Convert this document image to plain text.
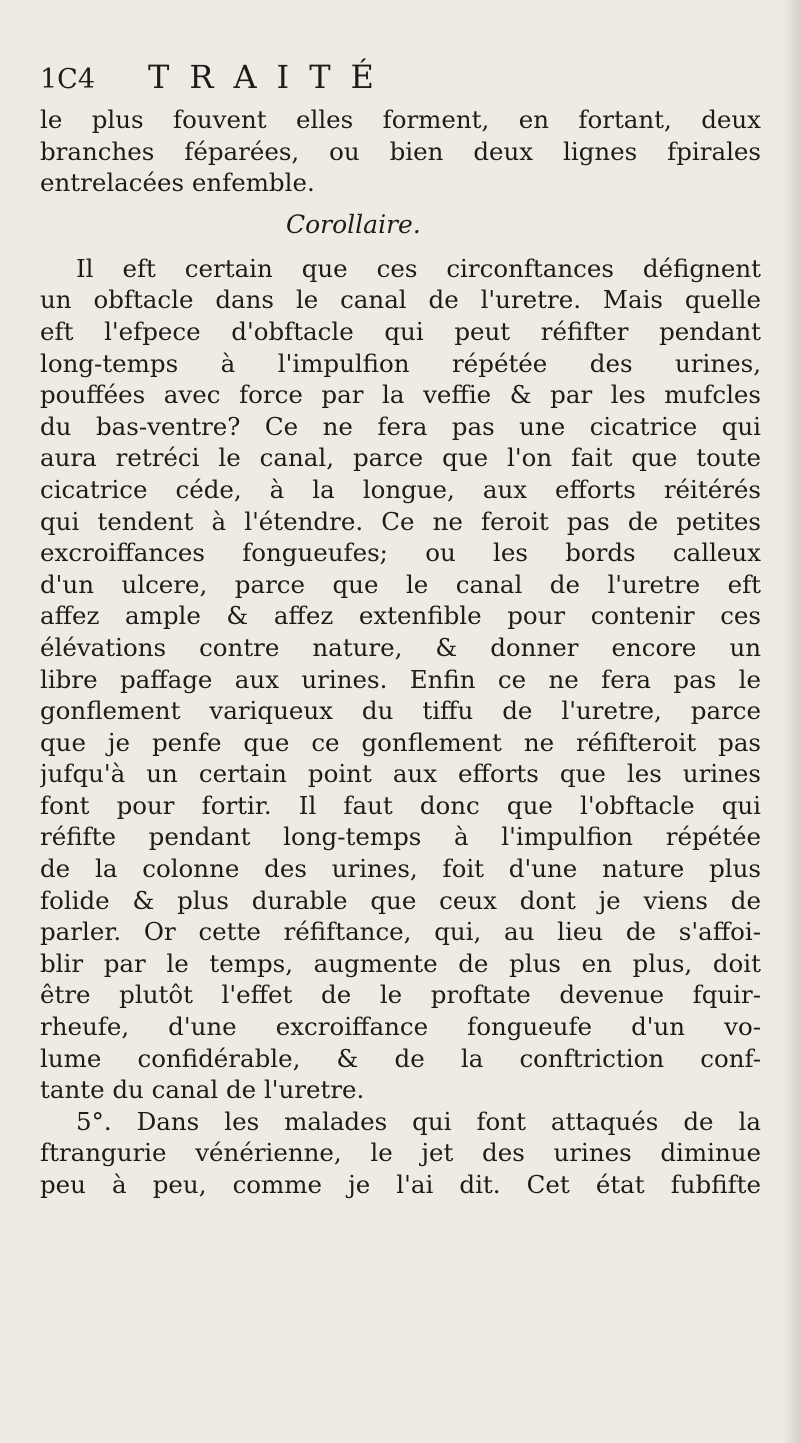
1C4	TRAITÉ
le plus fouvent elles forment, en fortant, deux
branches féparées, ou bien deux lignes fpirales
entrelacées enfemble.
Corollaire.
Il eft certain que ces circonftances défignent
un obftacle dans le canal de l'uretre. Mais quelle
eft l'efpece d'obftacle qui peut réfifter pendant
long-temps à l'impulfion répétée des urines,
pouffées avec force par la veffie & par les mufcles
du bas-ventre? Ce ne fera pas une cicatrice qui
aura retréci le canal, parce que l'on fait que toute
cicatrice céde, à la longue, aux efforts réitérés
qui tendent à l'étendre. Ce ne feroit pas de petites
excroiffances fongueufes; ou les bords calleux
d'un ulcere, parce que le canal de l'uretre eft
affez ample & affez extenfible pour contenir ces
élévations contre nature, & donner encore un
libre paffage aux urines. Enfin ce ne fera pas le
gonflement variqueux du tiffu de l'uretre, parce
que je penfe que ce gonflement ne réfifteroit pas
jufqu'à un certain point aux efforts que les urines
font pour fortir. Il faut donc que l'obftacle qui
réfifte pendant long-temps à l'impulfion répétée
de la colonne des urines, foit d'une nature plus
folide & plus durable que ceux dont je viens de
parler. Or cette réfiftance, qui, au lieu de s'affoi-
blir par le temps, augmente de plus en plus, doit
être plutôt l'effet de le proftate devenue fquir-
rheufe, d'une excroiffance fongueufe d'un vo-
lume confidérable, & de la conftriction conf-
tante du canal de l'uretre.
5°. Dans les malades qui font attaqués de la
ftrangurie vénérienne, le jet des urines diminue
peu à peu, comme je l'ai dit. Cet état fubfifte
